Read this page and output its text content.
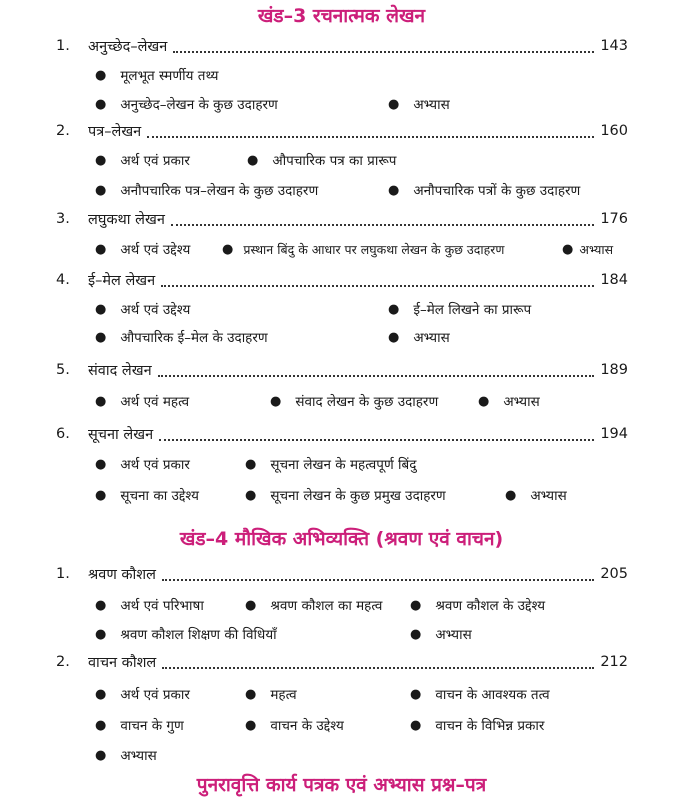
खंड–3 रचनात्मक लेखन
1.	अनुच्छेद–लेखन	143
● मूलभूत स्मर्णीय तथ्य
● अनुच्छेद–लेखन के कुछ उदाहरण	● अभ्यास
2.	पत्र–लेखन	160
● अर्थ एवं प्रकार	● औपचारिक पत्र का प्रारूप
● अनौपचारिक पत्र–लेखन के कुछ उदाहरण	● अनौपचारिक पत्रों के कुछ उदाहरण
3.	लघुकथा लेखन	176
● अर्थ एवं उद्देश्य ● प्रस्थान बिंदु के आधार पर लघुकथा लेखन के कुछ उदाहरण	● अभ्यास
4.	ई–मेल लेखन	184
● अर्थ एवं उद्देश्य	● ई–मेल लिखने का प्रारूप
● औपचारिक ई–मेल के उदाहरण	● अभ्यास
5.	संवाद लेखन	189
● अर्थ एवं महत्व	● संवाद लेखन के कुछ उदाहरण	● अभ्यास
6.	सूचना लेखन	194
● अर्थ एवं प्रकार	● सूचना लेखन के महत्वपूर्ण बिंदु
● सूचना का उद्देश्य	● सूचना लेखन के कुछ प्रमुख उदाहरण	● अभ्यास
खंड–4 मौखिक अभिव्यक्ति (श्रवण एवं वाचन)
1.	श्रवण कौशल	205
● अर्थ एवं परिभाषा	● श्रवण कौशल का महत्व ● श्रवण कौशल के उद्देश्य
● श्रवण कौशल शिक्षण की विधियाँ	● अभ्यास
2.	वाचन कौशल	212
● अर्थ एवं प्रकार	● महत्व	● वाचन के आवश्यक तत्व
● वाचन के गुण	● वाचन के उद्देश्य	● वाचन के विभिन्न प्रकार
● अभ्यास
पुनरावृत्ति कार्य पत्रक एवं अभ्यास प्रश्न–पत्र
